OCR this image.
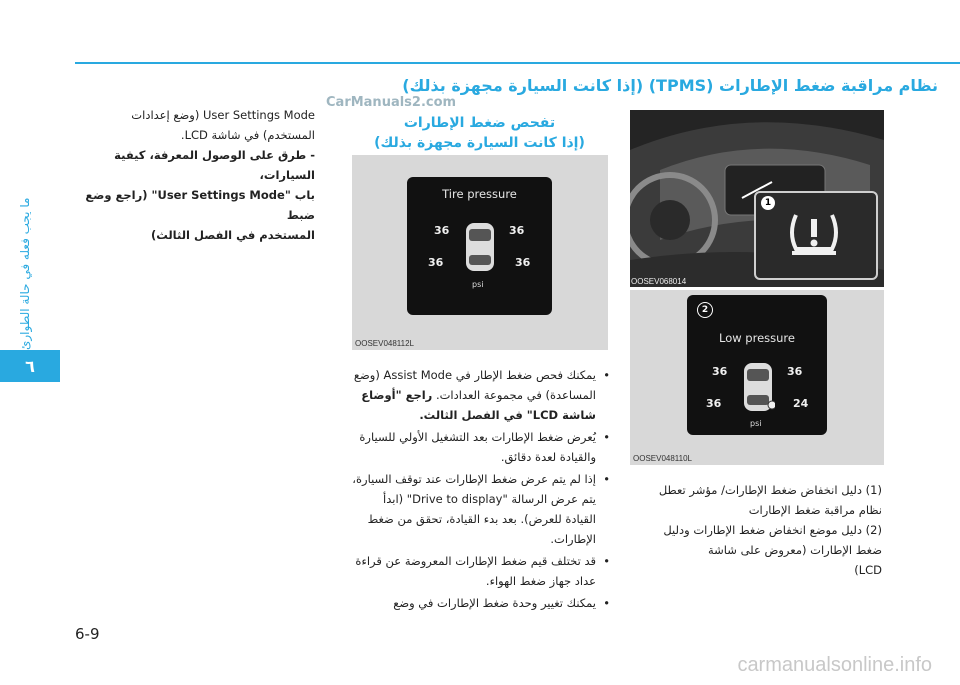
ما يجب فعله في حالة الطوارئ
٦
6-9
نظام مراقبة ضغط الإطارات (TPMS) (إذا كانت السيارة مجهزة بذلك)
CarManuals2.com
تفحص ضغط الإطارات
(إذا كانت السيارة مجهزة بذلك)
User Settings Mode (وضع إعدادات
المستخدم) في شاشة LCD.
- طرق على الوصول المعرفة، كيفية السيارات،
باب "User Settings Mode" (راجع وضع ضبط
المستخدم في الفصل الثالث)
Tire pressure
36	36
36	36
psi
OOSEV048112L
• يمكنك فحص ضغط الإطار في Assist Mode (وضع المساعدة) في مجموعة العدادات. راجع "أوضاع شاشة LCD" في الفصل الثالث.
• يُعرض ضغط الإطارات بعد التشغيل الأولي للسيارة والقيادة لعدة دقائق.
• إذا لم يتم عرض ضغط الإطارات عند توقف السيارة، يتم عرض الرسالة "Drive to display" (ابدأ القيادة للعرض). بعد بدء القيادة، تحقق من ضغط الإطارات.
• قد تختلف قيم ضغط الإطارات المعروضة عن قراءة عداد جهاز ضغط الهواء.
• يمكنك تغيير وحدة ضغط الإطارات في وضع
1
OOSEV068014
Low pressure
36	36
36	24
psi
OOSEV048110L
2
(1) دليل انخفاض ضغط الإطارات/ مؤشر تعطل
نظام مراقبة ضغط الإطارات
(2) دليل موضع انخفاض ضغط الإطارات ودليل
ضغط الإطارات (معروض على شاشة
LCD)
carmanualsonline.info
